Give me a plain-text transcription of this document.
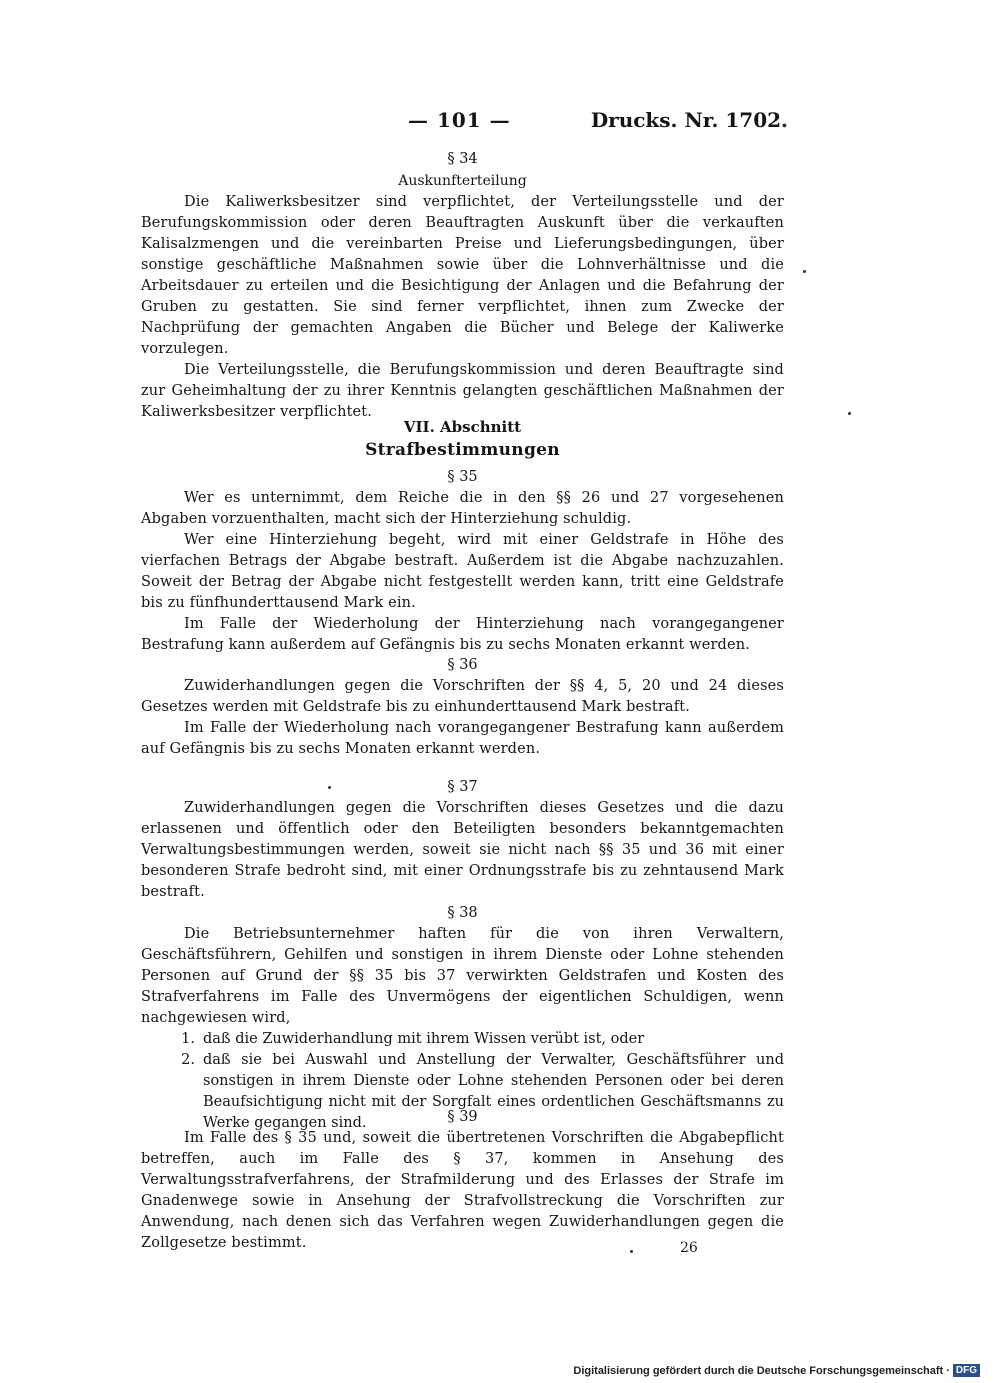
— 101 —	Drucks. Nr. 1702.

§ 34

Auskunfterteilung

Die Kaliwerksbesitzer sind verpflichtet, der Verteilungsstelle und der Berufungskommission oder deren Beauftragten Auskunft über die verkauften Kalisalzmengen und die vereinbarten Preise und Lieferungsbedingungen, über sonstige geschäftliche Maßnahmen sowie über die Lohnverhältnisse und die Arbeitsdauer zu erteilen und die Besichtigung der Anlagen und die Befahrung der Gruben zu gestatten. Sie sind ferner verpflichtet, ihnen zum Zwecke der Nachprüfung der gemachten Angaben die Bücher und Belege der Kaliwerke vorzulegen.

Die Verteilungsstelle, die Berufungskommission und deren Beauftragte sind zur Geheimhaltung der zu ihrer Kenntnis gelangten geschäftlichen Maßnahmen der Kaliwerksbesitzer verpflichtet.

VII. Abschnitt

Strafbestimmungen

§ 35

Wer es unternimmt, dem Reiche die in den §§ 26 und 27 vorgesehenen Abgaben vorzuenthalten, macht sich der Hinterziehung schuldig.

Wer eine Hinterziehung begeht, wird mit einer Geldstrafe in Höhe des vierfachen Betrags der Abgabe bestraft. Außerdem ist die Abgabe nachzuzahlen. Soweit der Betrag der Abgabe nicht festgestellt werden kann, tritt eine Geldstrafe bis zu fünfhunderttausend Mark ein.

Im Falle der Wiederholung der Hinterziehung nach vorangegangener Bestrafung kann außerdem auf Gefängnis bis zu sechs Monaten erkannt werden.

§ 36

Zuwiderhandlungen gegen die Vorschriften der §§ 4, 5, 20 und 24 dieses Gesetzes werden mit Geldstrafe bis zu einhunderttausend Mark bestraft.

Im Falle der Wiederholung nach vorangegangener Bestrafung kann außerdem auf Gefängnis bis zu sechs Monaten erkannt werden.

§ 37

Zuwiderhandlungen gegen die Vorschriften dieses Gesetzes und die dazu erlassenen und öffentlich oder den Beteiligten besonders bekanntgemachten Verwaltungsbestimmungen werden, soweit sie nicht nach §§ 35 und 36 mit einer besonderen Strafe bedroht sind, mit einer Ordnungsstrafe bis zu zehntausend Mark bestraft.

§ 38

Die Betriebsunternehmer haften für die von ihren Verwaltern, Geschäftsführern, Gehilfen und sonstigen in ihrem Dienste oder Lohne stehenden Personen auf Grund der §§ 35 bis 37 verwirkten Geldstrafen und Kosten des Strafverfahrens im Falle des Unvermögens der eigentlichen Schuldigen, wenn nachgewiesen wird,

1. daß die Zuwiderhandlung mit ihrem Wissen verübt ist, oder
2. daß sie bei Auswahl und Anstellung der Verwalter, Geschäftsführer und sonstigen in ihrem Dienste oder Lohne stehenden Personen oder bei deren Beaufsichtigung nicht mit der Sorgfalt eines ordentlichen Geschäftsmanns zu Werke gegangen sind.	§ 39

Im Falle des § 35 und, soweit die übertretenen Vorschriften die Abgabepflicht betreffen, auch im Falle des § 37, kommen in Ansehung des Verwaltungsstrafverfahrens, der Strafmilderung und des Erlasses der Strafe im Gnadenwege sowie in Ansehung der Strafvollstreckung die Vorschriften zur Anwendung, nach denen sich das Verfahren wegen Zuwiderhandlungen gegen die Zollgesetze bestimmt.	26
Digitalisierung gefördert durch die Deutsche Forschungsgemeinschaft · DFG
